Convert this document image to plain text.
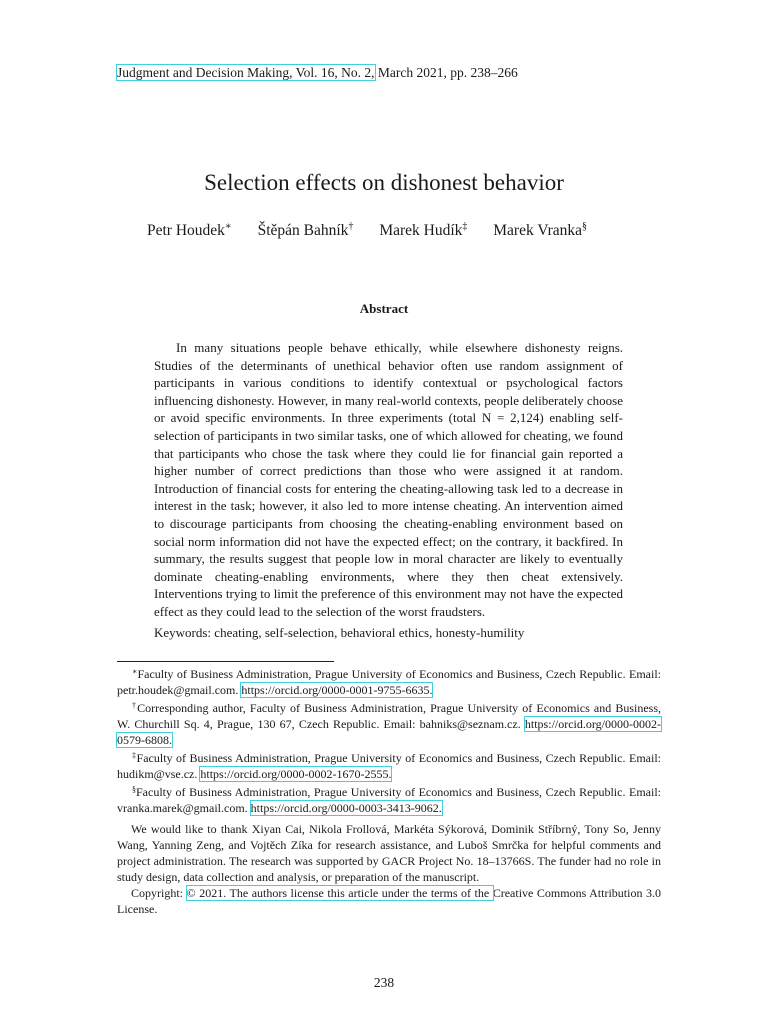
Judgment and Decision Making, Vol. 16, No. 2, March 2021, pp. 238–266
Selection effects on dishonest behavior
Petr Houdek∗ Štěpán Bahník† Marek Hudík‡ Marek Vranka§
Abstract

In many situations people behave ethically, while elsewhere dishonesty reigns. Studies of the determinants of unethical behavior often use random assignment of participants in various conditions to identify contextual or psychological factors influencing dishonesty. However, in many real-world contexts, people deliberately choose or avoid specific environments. In three experiments (total N = 2,124) enabling self-selection of participants in two similar tasks, one of which allowed for cheating, we found that participants who chose the task where they could lie for financial gain reported a higher number of correct predictions than those who were assigned it at random. Introduction of financial costs for entering the cheating-allowing task led to a decrease in interest in the task; however, it also led to more intense cheating. An intervention aimed to discourage participants from choosing the cheating-enabling environment based on social norm information did not have the expected effect; on the contrary, it backfired. In summary, the results suggest that people low in moral character are likely to eventually dominate cheating-enabling environments, where they then cheat extensively. Interventions trying to limit the preference of this environment may not have the expected effect as they could lead to the selection of the worst fraudsters.

Keywords: cheating, self-selection, behavioral ethics, honesty-humility

∗Faculty of Business Administration, Prague University of Economics and Business, Czech Republic. Email: petr.houdek@gmail.com. https://orcid.org/0000-0001-9755-6635.

†Corresponding author, Faculty of Business Administration, Prague University of Economics and Business, W. Churchill Sq. 4, Prague, 130 67, Czech Republic. Email: bahniks@seznam.cz. https://orcid.org/0000-0002-0579-6808.

‡Faculty of Business Administration, Prague University of Economics and Business, Czech Republic. Email: hudikm@vse.cz. https://orcid.org/0000-0002-1670-2555.

§Faculty of Business Administration, Prague University of Economics and Business, Czech Republic. Email: vranka.marek@gmail.com. https://orcid.org/0000-0003-3413-9062.

We would like to thank Xiyan Cai, Nikola Frollová, Markéta Sýkorová, Dominik Stříbrný, Tony So, Jenny Wang, Yanning Zeng, and Vojtěch Zíka for research assistance, and Luboš Smrčka for helpful comments and project administration. The research was supported by GACR Project No. 18–13766S. The funder had no role in study design, data collection and analysis, or preparation of the manuscript.

Copyright: © 2021. The authors license this article under the terms of the Creative Commons Attribution 3.0 License.

238
